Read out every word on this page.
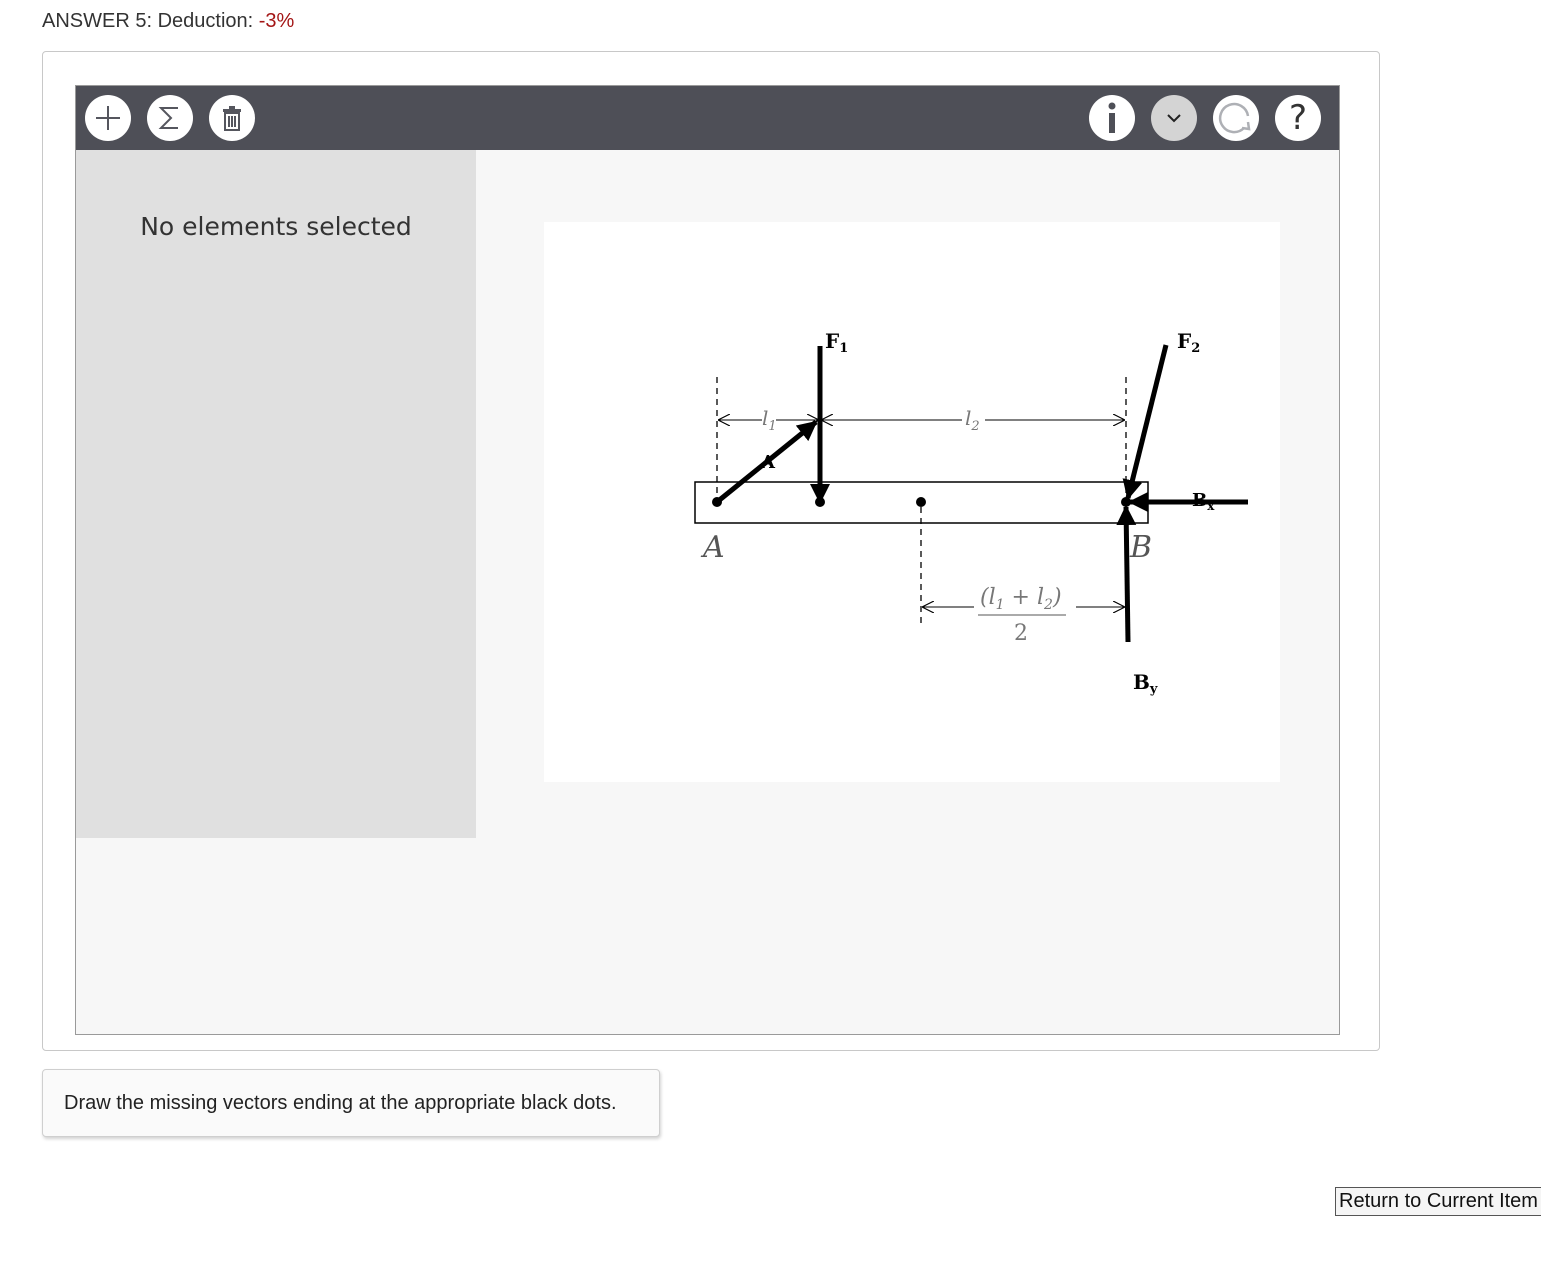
ANSWER 5: Deduction: -3%
?
No elements selected
$l_1$	$l_2$
$(l_1 + l_2)$
2
A	B
A
$F_1$	$F_2$
$B_x$
$B_y$
Draw the missing vectors ending at the appropriate black dots.
Return to Current Item
